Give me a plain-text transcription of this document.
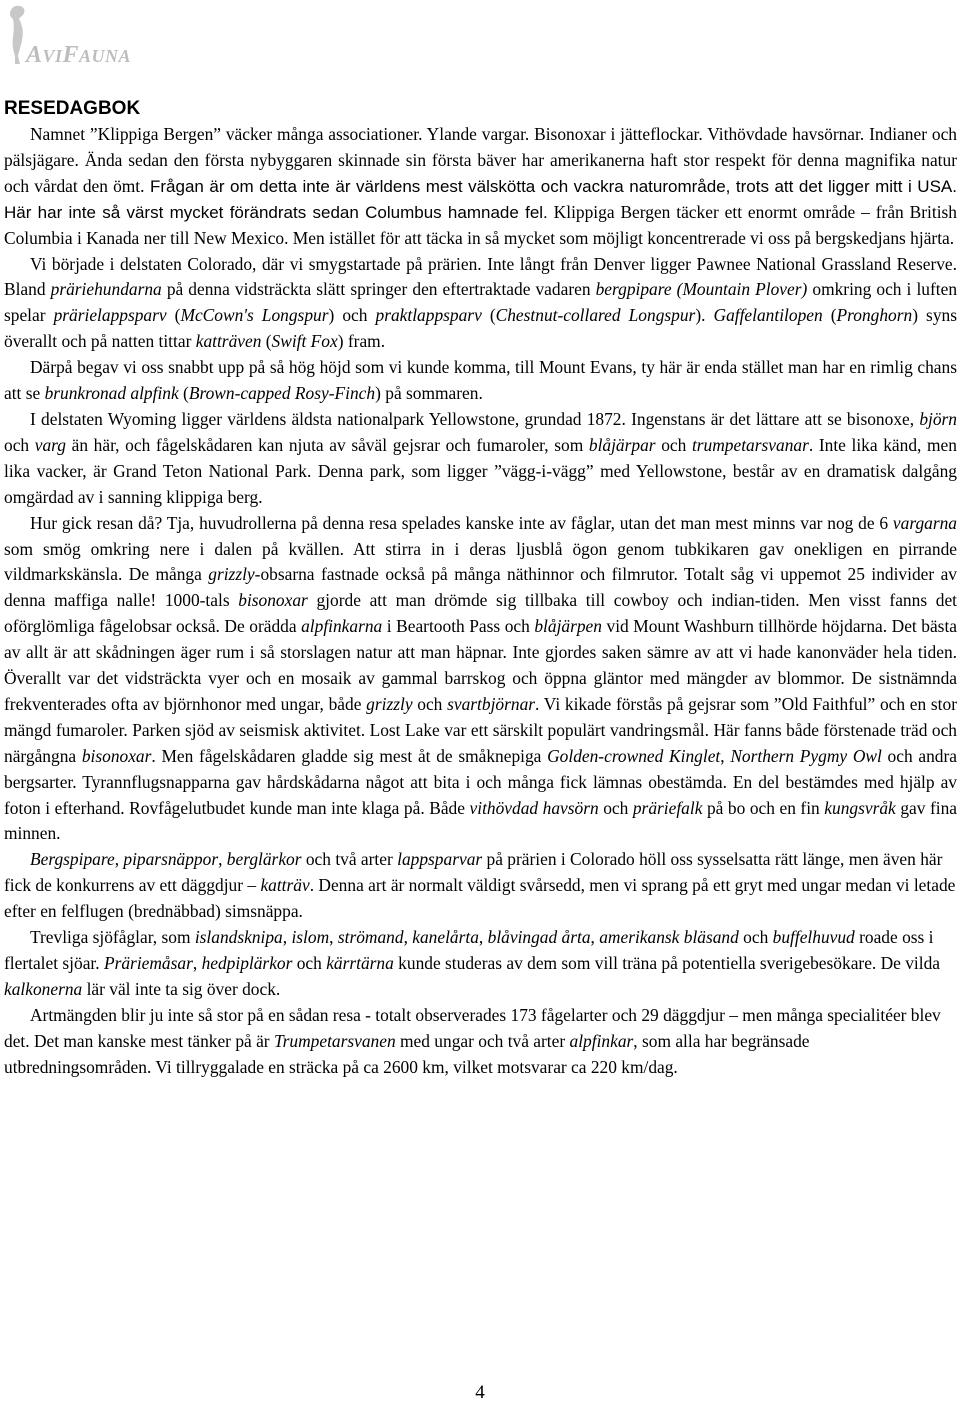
AVIFAUNA

RESEDAGBOK

Namnet ”Klippiga Bergen” väcker många associationer. Ylande vargar. Bisonoxar i jätteflockar. Vithövdade havsörnar. Indianer och pälsjägare. Ända sedan den första nybyggaren skinnade sin första bäver har amerikanerna haft stor respekt för denna magnifika natur och vårdat den ömt. Frågan är om detta inte är världens mest välskötta och vackra naturområde, trots att det ligger mitt i USA. Här har inte så värst mycket förändrats sedan Columbus hamnade fel. Klippiga Bergen täcker ett enormt område – från British Columbia i Kanada ner till New Mexico. Men istället för att täcka in så mycket som möjligt koncentrerade vi oss på bergskedjans hjärta.

Vi började i delstaten Colorado, där vi smygstartade på prärien. Inte långt från Denver ligger Pawnee National Grassland Reserve. Bland präriehundarna på denna vidsträckta slätt springer den eftertraktade vadaren bergpipare (Mountain Plover) omkring och i luften spelar prärielappsparv (McCown's Longspur) och praktlappsparv (Chestnut-collared Longspur). Gaffelantilopen (Pronghorn) syns överallt och på natten tittar katträven (Swift Fox) fram.

Därpå begav vi oss snabbt upp på så hög höjd som vi kunde komma, till Mount Evans, ty här är enda stället man har en rimlig chans att se brunkronad alpfink (Brown-capped Rosy-Finch) på sommaren.

I delstaten Wyoming ligger världens äldsta nationalpark Yellowstone, grundad 1872. Ingenstans är det lättare att se bisonoxe, björn och varg än här, och fågelskådaren kan njuta av såväl gejsrar och fumaroler, som blåjärpar och trumpetarsvanar. Inte lika känd, men lika vacker, är Grand Teton National Park. Denna park, som ligger ”vägg-i-vägg” med Yellowstone, består av en dramatisk dalgång omgärdad av i sanning klippiga berg.

Hur gick resan då? Tja, huvudrollerna på denna resa spelades kanske inte av fåglar, utan det man mest minns var nog de 6 vargarna som smög omkring nere i dalen på kvällen. Att stirra in i deras ljusblå ögon genom tubkikaren gav onekligen en pirrande vildmarkskänsla. De många grizzly-obsarna fastnade också på många näthinnor och filmrutor. Totalt såg vi uppemot 25 individer av denna maffiga nalle! 1000-tals bisonoxar gjorde att man drömde sig tillbaka till cowboy och indian-tiden. Men visst fanns det oförglömliga fågelobsar också. De orädda alpfinkarna i Beartooth Pass och blåjärpen vid Mount Washburn tillhörde höjdarna. Det bästa av allt är att skådningen äger rum i så storslagen natur att man häpnar. Inte gjordes saken sämre av att vi hade kanonväder hela tiden. Överallt var det vidsträckta vyer och en mosaik av gammal barrskog och öppna gläntor med mängder av blommor. De sistnämnda frekventerades ofta av björnhonor med ungar, både grizzly och svartbjörnar. Vi kikade förstås på gejsrar som ”Old Faithful” och en stor mängd fumaroler. Parken sjöd av seismisk aktivitet. Lost Lake var ett särskilt populärt vandringsmål. Här fanns både förstenade träd och närgångna bisonoxar. Men fågelskådaren gladde sig mest åt de småknepiga Golden-crowned Kinglet, Northern Pygmy Owl och andra bergsarter. Tyrannflugsnapparna gav hårdskådarna något att bita i och många fick lämnas obestämda. En del bestämdes med hjälp av foton i efterhand. Rovfågelutbudet kunde man inte klaga på. Både vithövdad havsörn och präriefalk på bo och en fin kungsvråk gav fina minnen.

Bergspipare, piparsnäppor, berglärkor och två arter lappsparvar på prärien i Colorado höll oss sysselsatta rätt länge, men även här fick de konkurrens av ett däggdjur – katträv. Denna art är normalt väldigt svårsedd, men vi sprang på ett gryt med ungar medan vi letade efter en felflugen (brednäbbad) simsnäppa.

Trevliga sjöfåglar, som islandsknipa, islom, strömand, kanelårta, blåvingad årta, amerikansk bläsand och buffelhuvud roade oss i flertalet sjöar. Präriemåsar, hedpiplärkor och kärrtärna kunde studeras av dem som vill träna på potentiella sverigebesökare. De vilda kalkonerna lär väl inte ta sig över dock.

Artmängden blir ju inte så stor på en sådan resa - totalt observerades 173 fågelarter och 29 däggdjur – men många specialitéer blev det. Det man kanske mest tänker på är Trumpetarsvanen med ungar och två arter alpfinkar, som alla har begränsade utbredningsområden. Vi tillryggalade en sträcka på ca 2600 km, vilket motsvarar ca 220 km/dag.

4
